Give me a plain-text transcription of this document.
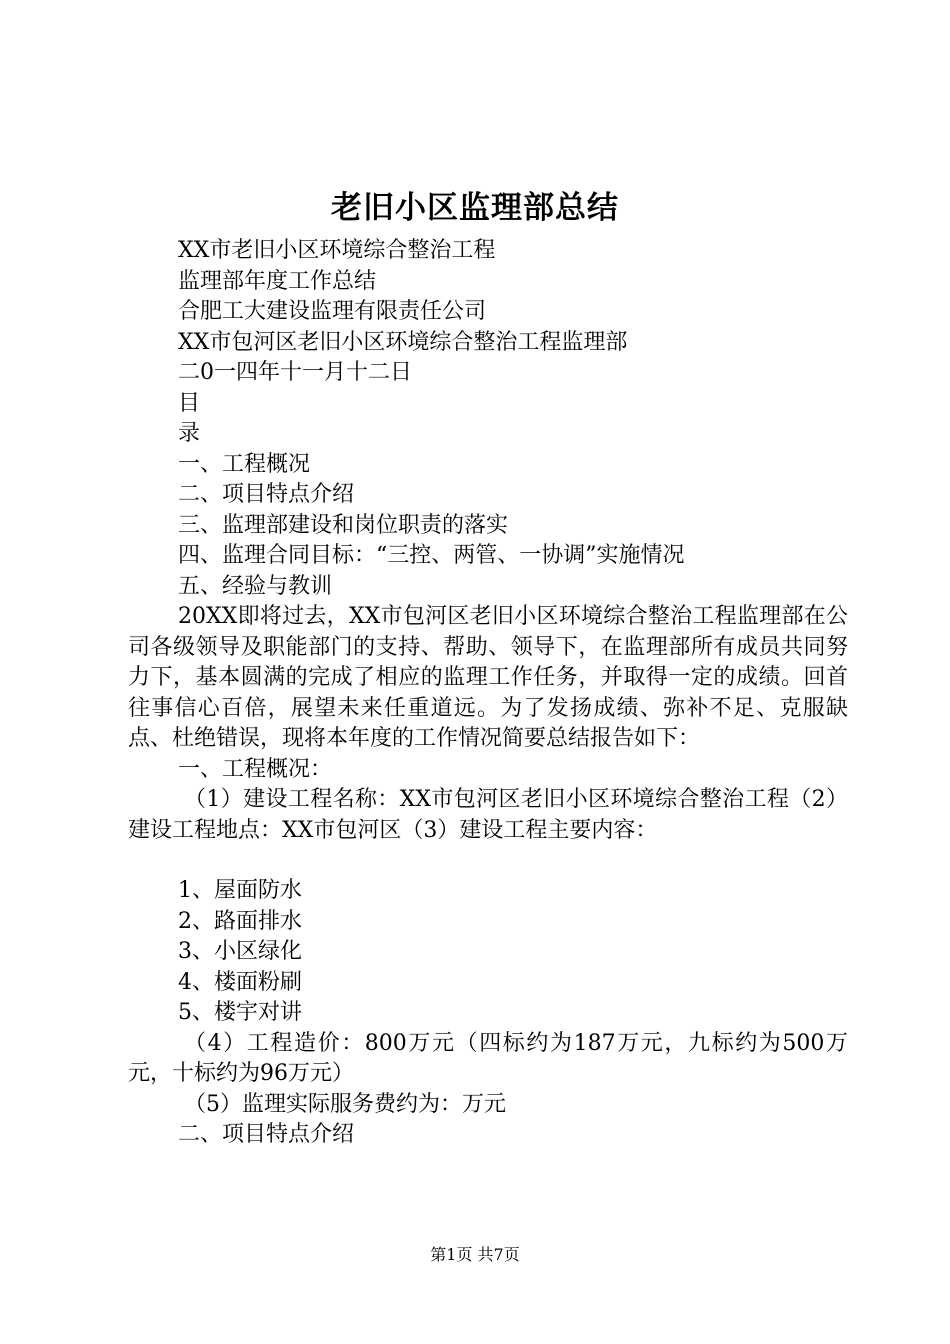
老旧小区监理部总结
XX市老旧小区环境综合整治工程
监理部年度工作总结
合肥工大建设监理有限责任公司
XX市包河区老旧小区环境综合整治工程监理部
二0一四年十一月十二日
目
录
一、工程概况
二、项目特点介绍
三、监理部建设和岗位职责的落实
四、监理合同目标：“三控、两管、一协调”实施情况
五、经验与教训
20XX即将过去，XX市包河区老旧小区环境综合整治工程监理部在公司各级领导及职能部门的支持、帮助、领导下，在监理部所有成员共同努力下，基本圆满的完成了相应的监理工作任务，并取得一定的成绩。回首往事信心百倍，展望未来任重道远。为了发扬成绩、弥补不足、克服缺点、杜绝错误，现将本年度的工作情况简要总结报告如下：
一、工程概况：
（1）建设工程名称：XX市包河区老旧小区环境综合整治工程（2）建设工程地点：XX市包河区（3）建设工程主要内容：
1、屋面防水
2、路面排水
3、小区绿化
4、楼面粉刷
5、楼宇对讲
（4）工程造价：800万元（四标约为187万元，九标约为500万元，十标约为96万元）
（5）监理实际服务费约为：万元
二、项目特点介绍
第1页 共7页
